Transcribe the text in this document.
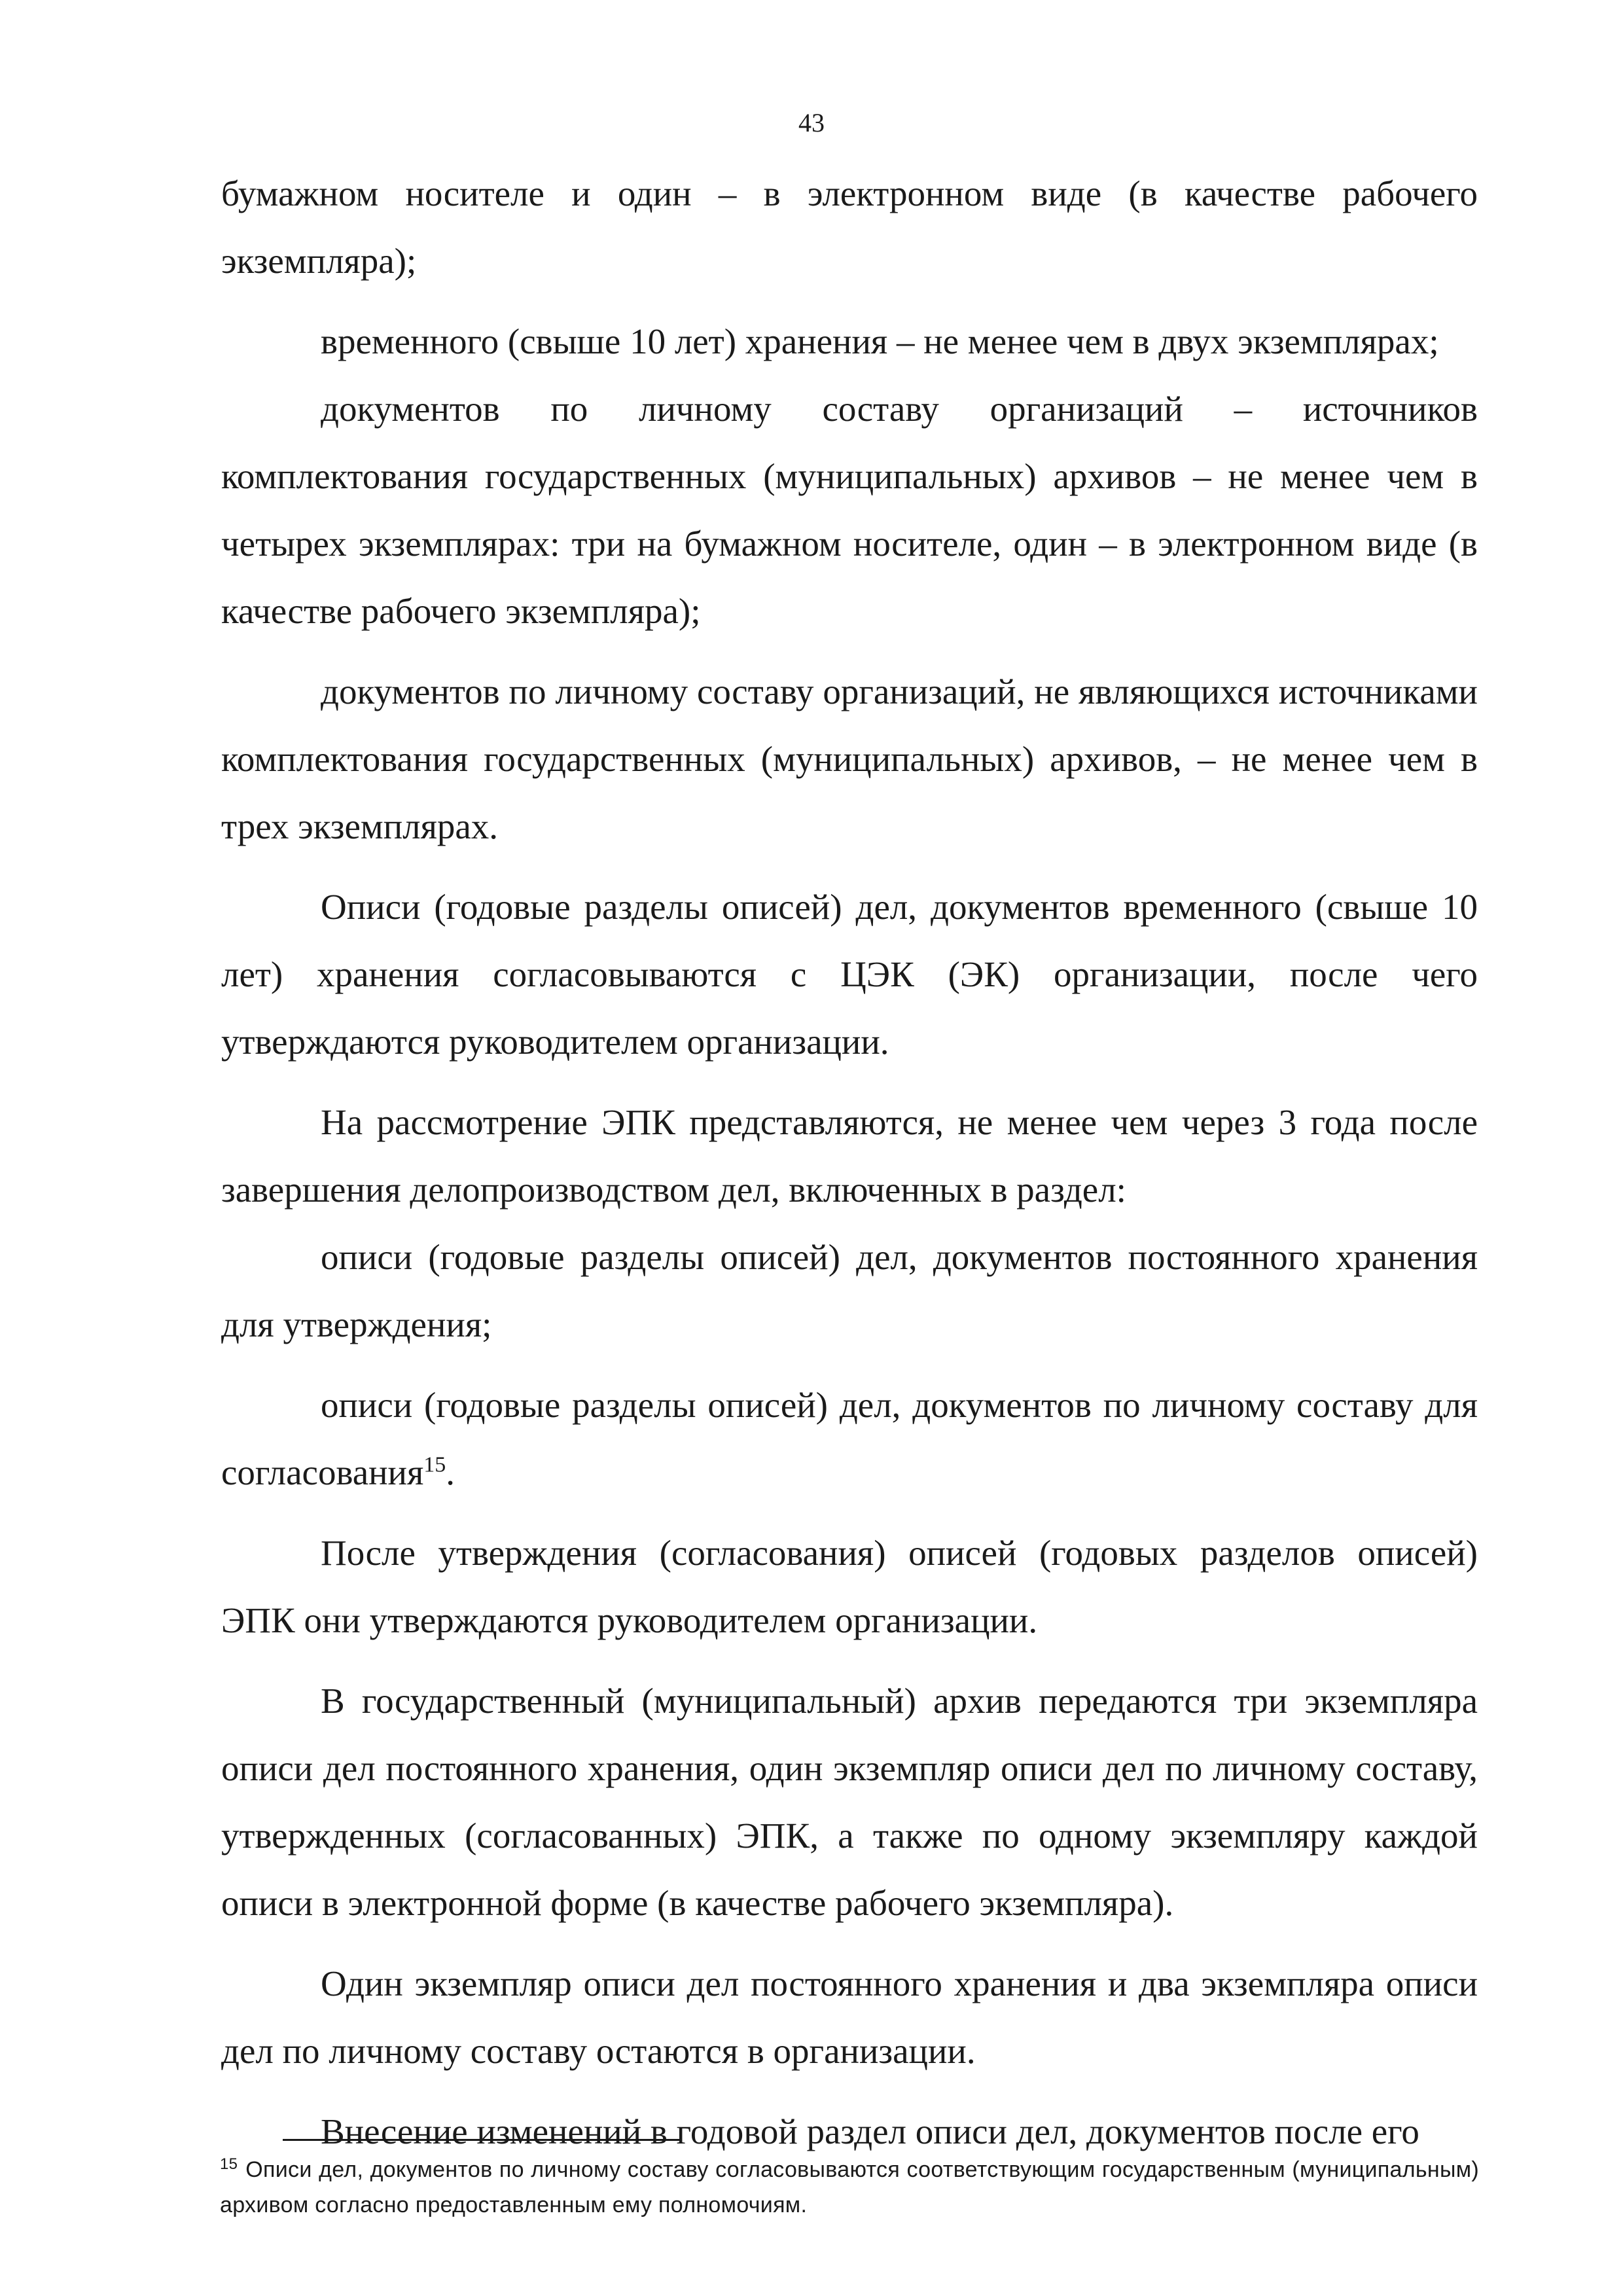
43

бумажном носителе и один – в электронном виде (в качестве рабочего экземпляра);

временного (свыше 10 лет) хранения – не менее чем в двух экземплярах;

документов по личному составу организаций – источников комплектования государственных (муниципальных) архивов – не менее чем в четырех экземплярах: три на бумажном носителе, один – в электронном виде (в качестве рабочего экземпляра);

документов по личному составу организаций, не являющихся источниками комплектования государственных (муниципальных) архивов, – не менее чем в трех экземплярах.

Описи (годовые разделы описей) дел, документов временного (свыше 10 лет) хранения согласовываются с ЦЭК (ЭК) организации, после чего утверждаются руководителем организации.

На рассмотрение ЭПК представляются, не менее чем через 3 года после завершения делопроизводством дел, включенных в раздел:

описи (годовые разделы описей) дел, документов постоянного хранения для утверждения;

описи (годовые разделы описей) дел, документов по личному составу для согласования$^{15}$.

После утверждения (согласования) описей (годовых разделов описей) ЭПК они утверждаются руководителем организации.

В государственный (муниципальный) архив передаются три экземпляра описи дел постоянного хранения, один экземпляр описи дел по личному составу, утвержденных (согласованных) ЭПК, а также по одному экземпляру каждой описи в электронной форме (в качестве рабочего экземпляра).

Один экземпляр описи дел постоянного хранения и два экземпляра описи дел по личному составу остаются в организации.

Внесение изменений в годовой раздел описи дел, документов после его

$^{15}$ Описи дел, документов по личному составу согласовываются соответствующим государственным (муниципальным) архивом согласно предоставленным ему полномочиям.
